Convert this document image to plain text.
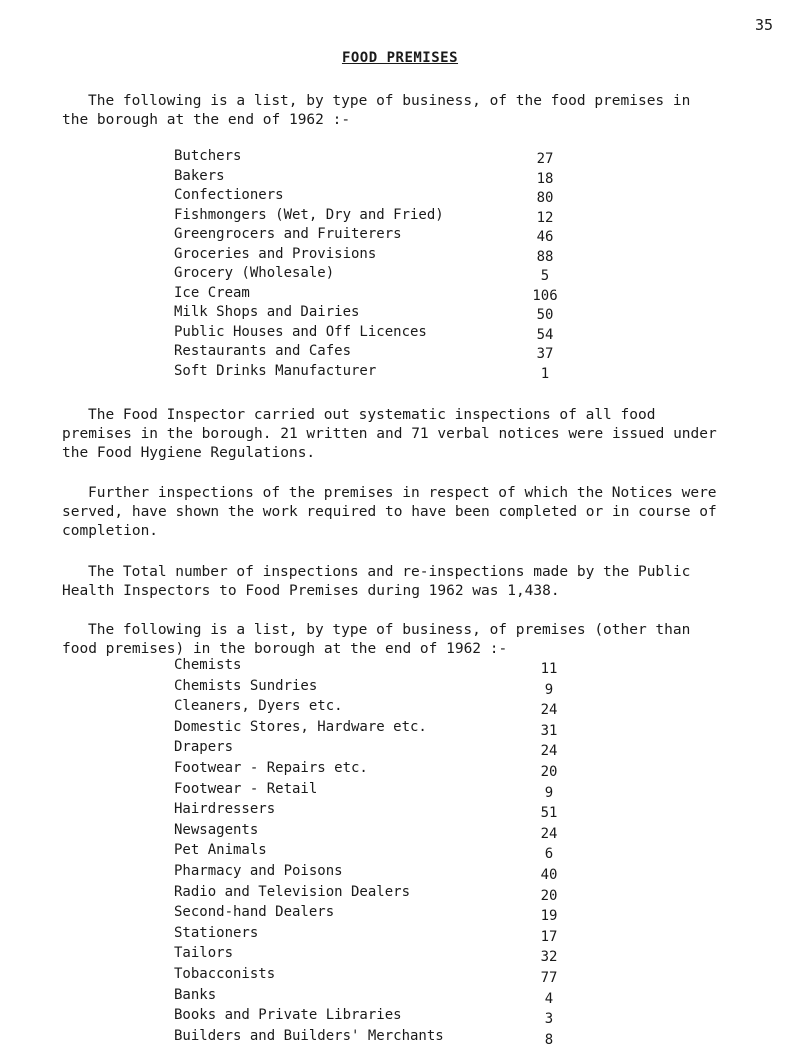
35
FOOD PREMISES

The following is a list, by type of business, of the food premises in the borough at the end of 1962 :-

Butchers	27
Bakers	18
Confectioners	80
Fishmongers (Wet, Dry and Fried)	12
Greengrocers and Fruiterers	46
Groceries and Provisions	88
Grocery (Wholesale)	5
Ice Cream	106
Milk Shops and Dairies	50
Public Houses and Off Licences	54
Restaurants and Cafes	37
Soft Drinks Manufacturer	1

The Food Inspector carried out systematic inspections of all food premises in the borough. 21 written and 71 verbal notices were issued under the Food Hygiene Regulations.

Further inspections of the premises in respect of which the Notices were served, have shown the work required to have been completed or in course of completion.

The Total number of inspections and re-inspections made by the Public Health Inspectors to Food Premises during 1962 was 1,438.

The following is a list, by type of business, of premises (other than food premises) in the borough at the end of 1962 :-

Chemists	11
Chemists Sundries	9
Cleaners, Dyers etc.	24
Domestic Stores, Hardware etc.	31
Drapers	24
Footwear - Repairs etc.	20
Footwear - Retail	9
Hairdressers	51
Newsagents	24
Pet Animals	6
Pharmacy and Poisons	40
Radio and Television Dealers	20
Second-hand Dealers	19
Stationers	17
Tailors	32
Tobacconists	77
Banks	4
Books and Private Libraries	3
Builders and Builders' Merchants	8
